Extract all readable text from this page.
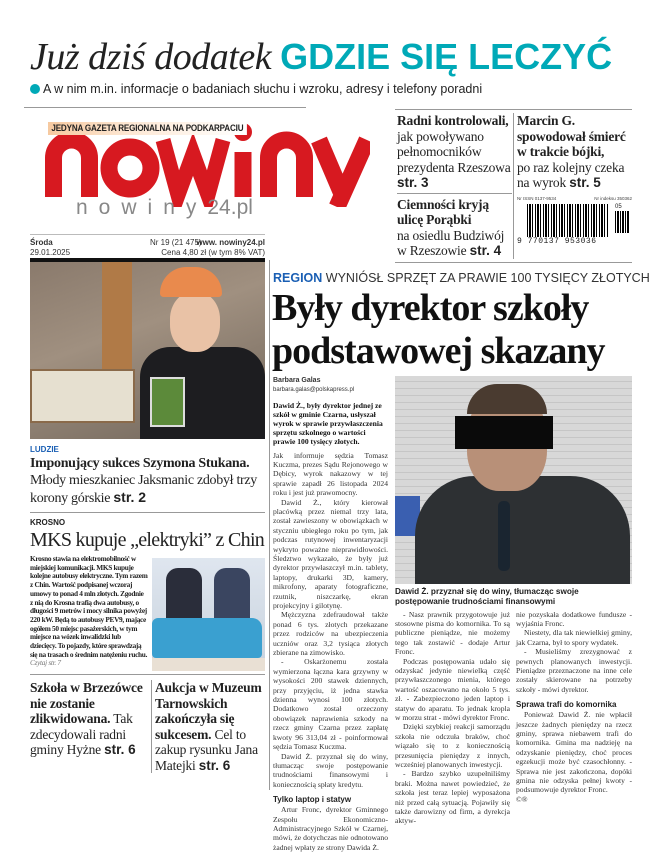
Już dziś dodatek GDZIE SIĘ LECZYĆ
A w nim m.in. informacje o badaniach słuchu i wzroku, adresy i telefony poradni
JEDYNA GAZETA REGIONALNA NA PODKARPACIU
nowiny24.pl
Środa
29.01.2025
Nr 19 (21 475)
www. nowiny24.pl
Cena 4,80 zł (w tym 8% VAT)
LUDZIE
Imponujący sukces Szymona Stukana.
Młody mieszkaniec Jaksmanic zdobył trzy korony górskie str. 2
KROSNO
MKS kupuje „elektryki” z Chin
Krosno stawia na elektromobilność w miejskiej komunikacji. MKS kupuje kolejne autobusy elektryczne. Tym razem z Chin. Wartość podpisanej wczoraj umowy to ponad 4 mln złotych. Zgodnie z nią do Krosna trafią dwa autobusy, o długości 9 metrów i mocy silnika powyżej 220 kW. Będą to autobusy PEV9, mające ogółem 50 miejsc pasażerskich, w tym miejsce na wózek inwalidzki lub dziecięcy. To pojazdy, które sprawdzają się na trasach o średnim natężeniu ruchu.
Czytaj str. 7
Szkoła w Brzezówce nie zostanie zlikwidowana. Tak zdecydowali radni gminy Hyżne str. 6
Aukcja w Muzeum Tarnowskich zakończyła się sukcesem. Cel to zakup rysunku Jana Matejki str. 6
Radni kontrolowali,
jak powoływano pełnomocników prezydenta Rzeszowa
str. 3
Ciemności kryją ulicę Porąbki
na osiedlu Budziwój w Rzeszowie str. 4
Marcin G. spowodował śmierć w trakcie bójki,
po raz kolejny czeka na wyrok str. 5
Nr ISSN 0137-9534	Nr indeksu 350362
05
9 770137 953036
REGION WYNIÓSŁ SPRZĘT ZA PRAWIE 100 TYSIĘCY ZŁOTYCH
Były dyrektor szkoły podstawowej skazany
Barbara Galas
barbara.galas@polskapress.pl
Dawid Ż., były dyrektor jednej ze szkół w gminie Czarna, usłyszał wyrok w sprawie przywłaszczenia sprzętu szkolnego o wartości prawie 100 tysięcy złotych.

Jak informuje sędzia Tomasz Kuczma, prezes Sądu Rejonowego w Dębicy, wyrok nakazowy w tej sprawie zapadł 26 listopada 2024 roku i jest już prawomocny.

Dawid Ż., który kierował placówką przez niemal trzy lata, został zawieszony w obowiązkach w styczniu ubiegłego roku po tym, jak podczas rutynowej inwentaryzacji wykryto poważne nieprawidłowości. Śledztwo wykazało, że były już dyrektor przywłaszczył m.in. tablety, laptopy, drukarki 3D, kamery, mikrofony, aparaty fotograficzne, rzutnik, niszczarkę, ekran projekcyjny i gilotynę.

Mężczyzna zdefraudował także ponad 6 tys. złotych przekazane przez rodziców na ubezpieczenia uczniów oraz 3,2 tysiąca złotych zbierane na zimowisko.

- Oskarżonemu została wymierzona łączna kara grzywny w wysokości 200 stawek dziennych, przy przyjęciu, iż jedna stawka dzienna wynosi 100 złotych. Dodatkowo został orzeczony obowiązek naprawienia szkody na rzecz gminy Czarna przez zapłatę kwoty 96 313,04 zł - poinformował sędzia Tomasz Kuczma.

Dawid Ż. przyznał się do winy, tłumacząc swoje postępowanie trudnościami finansowymi i koniecznością spłaty kredytu.

Tylko laptop i statyw

Artur Fronc, dyrektor Gminnego Zespołu Ekonomiczno-Administracyjnego Szkół w Czarnej, mówi, że dotychczas nie odnotowano żadnej wpłaty ze strony Dawida Ż.

Dawid Ż. przyznał się do winy, tłumacząc swoje postępowanie trudnościami finansowymi

- Nasz prawnik przygotowuje już stosowne pisma do komornika. To są publiczne pieniądze, nie możemy tego tak zostawić - dodaje Artur Fronc.

Podczas postępowania udało się odzyskać jedynie niewielką część przywłaszczonego mienia, którego wartość oszacowano na około 5 tys. zł. - Zabezpieczono jeden laptop i statyw do aparatu. To jednak kropla w morzu strat - mówi dyrektor Fronc.

Dzięki szybkiej reakcji samorządu szkoła nie odczuła braków, choć wiązało się to z koniecznością przesunięcia pieniędzy z innych, wcześniej planowanych inwestycji.

- Bardzo szybko uzupełniliśmy braki. Można nawet powiedzieć, że szkoła jest teraz lepiej wyposażona niż przed całą sytuacją. Pojawiły się także darowizny od firm, a dyrekcja aktyw-

nie pozyskała dodatkowe fundusze - wyjaśnia Fronc.

Niestety, dla tak niewielkiej gminy, jak Czarna, był to spory wydatek.

- Musieliśmy zrezygnować z pewnych planowanych inwestycji. Pieniądze przeznaczone na inne cele zostały skierowane na potrzeby szkoły - mówi dyrektor.

Sprawa trafi do komornika

Ponieważ Dawid Ż. nie wpłacił jeszcze żadnych pieniędzy na rzecz gminy, sprawa niebawem trafi do komornika. Gmina ma nadzieję na odzyskanie pieniędzy, choć proces egzekucji może być czasochłonny. - Sprawa nie jest zakończona, dopóki gmina nie odzyska pełnej kwoty - podsumowuje dyrektor Fronc.

©®
